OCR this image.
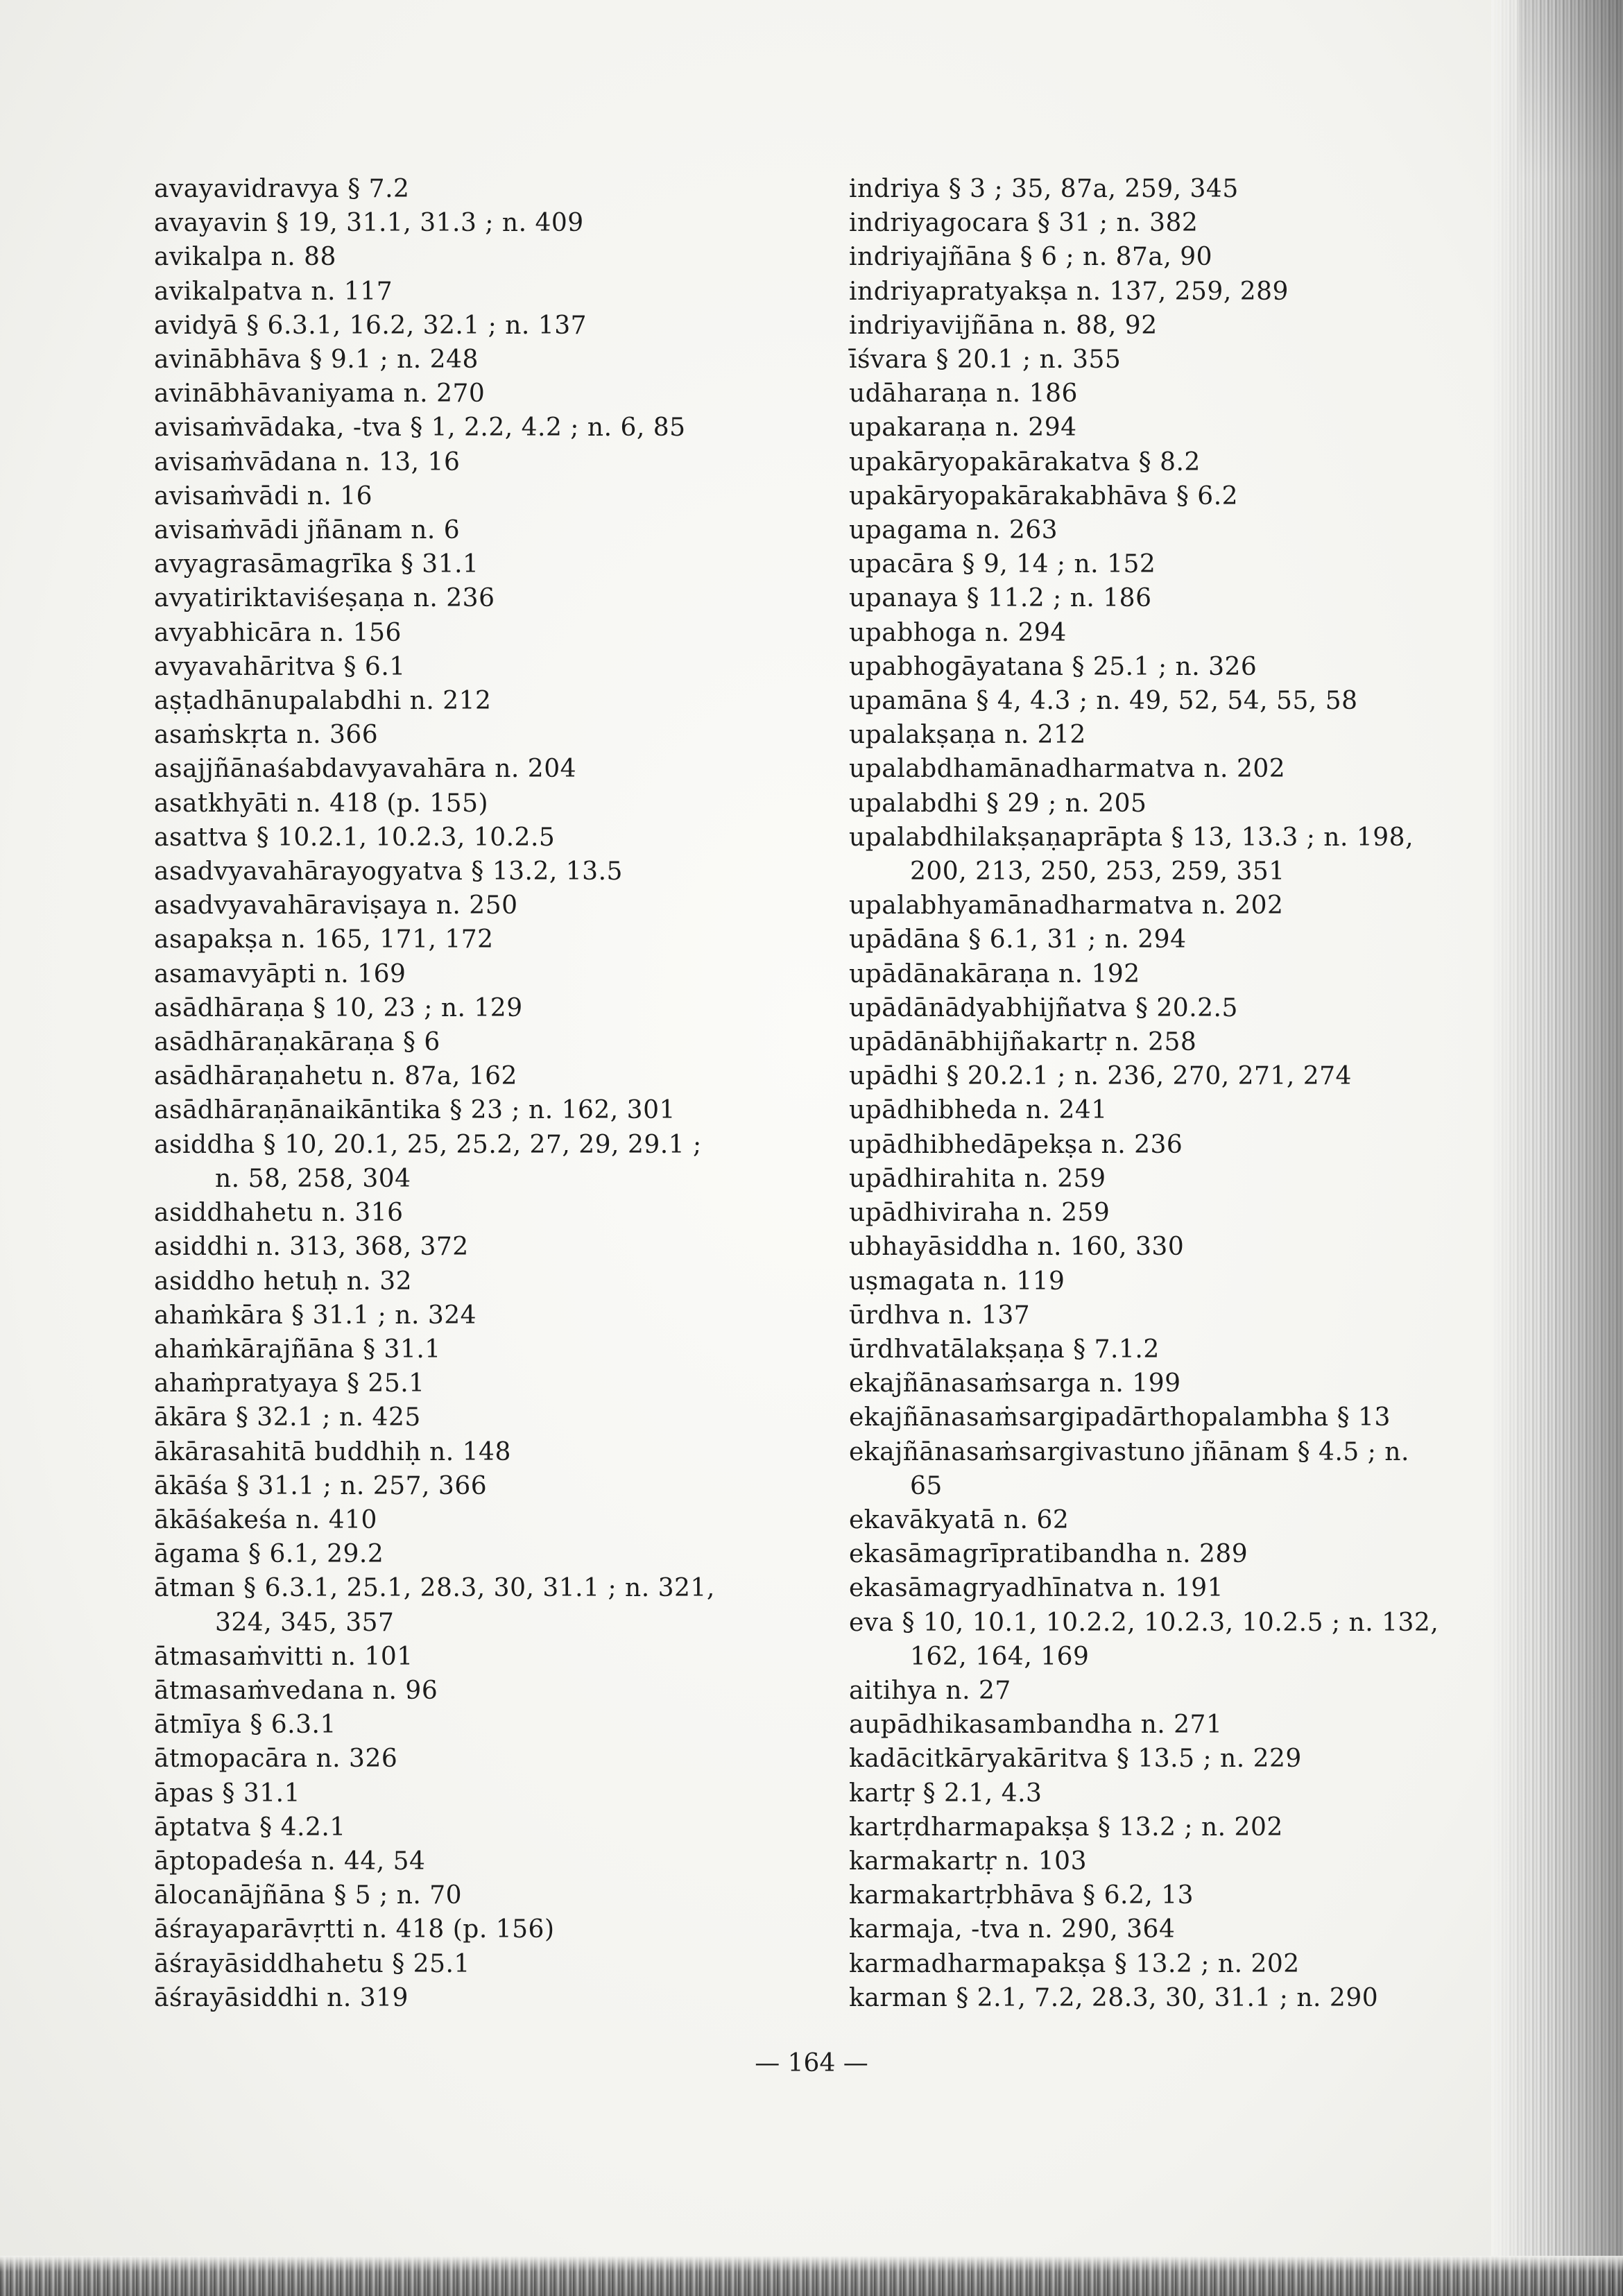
avayavidravya § 7.2
avayavin § 19, 31.1, 31.3 ; n. 409
avikalpa n. 88
avikalpatva n. 117
avidyā § 6.3.1, 16.2, 32.1 ; n. 137
avinābhāva § 9.1 ; n. 248
avinābhāvaniyama n. 270
avisaṁvādaka, -tva § 1, 2.2, 4.2 ; n. 6, 85
avisaṁvādana n. 13, 16
avisaṁvādi n. 16
avisaṁvādi jñānam n. 6
avyagrasāmagrīka § 31.1
avyatiriktaviśeṣaṇa n. 236
avyabhicāra n. 156
avyavahāritva § 6.1
aṣṭadhānupalabdhi n. 212
asaṁskṛta n. 366
asajjñānaśabdavyavahāra n. 204
asatkhyāti n. 418 (p. 155)
asattva § 10.2.1, 10.2.3, 10.2.5
asadvyavahārayogyatva § 13.2, 13.5
asadvyavahāraviṣaya n. 250
asapakṣa n. 165, 171, 172
asamavyāpti n. 169
asādhāraṇa § 10, 23 ; n. 129
asādhāraṇakāraṇa § 6
asādhāraṇahetu n. 87a, 162
asādhāraṇānaikāntika § 23 ; n. 162, 301
asiddha § 10, 20.1, 25, 25.2, 27, 29, 29.1 ;
n. 58, 258, 304
asiddhahetu n. 316
asiddhi n. 313, 368, 372
asiddho hetuḥ n. 32
ahaṁkāra § 31.1 ; n. 324
ahaṁkārajñāna § 31.1
ahaṁpratyaya § 25.1
ākāra § 32.1 ; n. 425
ākārasahitā buddhiḥ n. 148
ākāśa § 31.1 ; n. 257, 366
ākāśakeśa n. 410
āgama § 6.1, 29.2
ātman § 6.3.1, 25.1, 28.3, 30, 31.1 ; n. 321,
324, 345, 357
ātmasaṁvitti n. 101
ātmasaṁvedana n. 96
ātmīya § 6.3.1
ātmopacāra n. 326
āpas § 31.1
āptatva § 4.2.1
āptopadeśa n. 44, 54
ālocanājñāna § 5 ; n. 70
āśrayaparāvṛtti n. 418 (p. 156)
āśrayāsiddhahetu § 25.1
āśrayāsiddhi n. 319
indriya § 3 ; 35, 87a, 259, 345
indriyagocara § 31 ; n. 382
indriyajñāna § 6 ; n. 87a, 90
indriyapratyakṣa n. 137, 259, 289
indriyavijñāna n. 88, 92
īśvara § 20.1 ; n. 355
udāharaṇa n. 186
upakaraṇa n. 294
upakāryopakārakatva § 8.2
upakāryopakārakabhāva § 6.2
upagama n. 263
upacāra § 9, 14 ; n. 152
upanaya § 11.2 ; n. 186
upabhoga n. 294
upabhogāyatana § 25.1 ; n. 326
upamāna § 4, 4.3 ; n. 49, 52, 54, 55, 58
upalakṣaṇa n. 212
upalabdhamānadharmatva n. 202
upalabdhi § 29 ; n. 205
upalabdhilakṣaṇaprāpta § 13, 13.3 ; n. 198,
200, 213, 250, 253, 259, 351
upalabhyamānadharmatva n. 202
upādāna § 6.1, 31 ; n. 294
upādānakāraṇa n. 192
upādānādyabhijñatva § 20.2.5
upādānābhijñakartṛ n. 258
upādhi § 20.2.1 ; n. 236, 270, 271, 274
upādhibheda n. 241
upādhibhedāpekṣa n. 236
upādhirahita n. 259
upādhiviraha n. 259
ubhayāsiddha n. 160, 330
uṣmagata n. 119
ūrdhva n. 137
ūrdhvatālakṣaṇa § 7.1.2
ekajñānasaṁsarga n. 199
ekajñānasaṁsargipadārthopalambha § 13
ekajñānasaṁsargivastuno jñānam § 4.5 ; n.
65
ekavākyatā n. 62
ekasāmagrīpratibandha n. 289
ekasāmagryadhīnatva n. 191
eva § 10, 10.1, 10.2.2, 10.2.3, 10.2.5 ; n. 132,
162, 164, 169
aitihya n. 27
aupādhikasambandha n. 271
kadācitkāryakāritva § 13.5 ; n. 229
kartṛ § 2.1, 4.3
kartṛdharmapakṣa § 13.2 ; n. 202
karmakartṛ n. 103
karmakartṛbhāva § 6.2, 13
karmaja, -tva n. 290, 364
karmadharmapakṣa § 13.2 ; n. 202
karman § 2.1, 7.2, 28.3, 30, 31.1 ; n. 290
— 164 —
